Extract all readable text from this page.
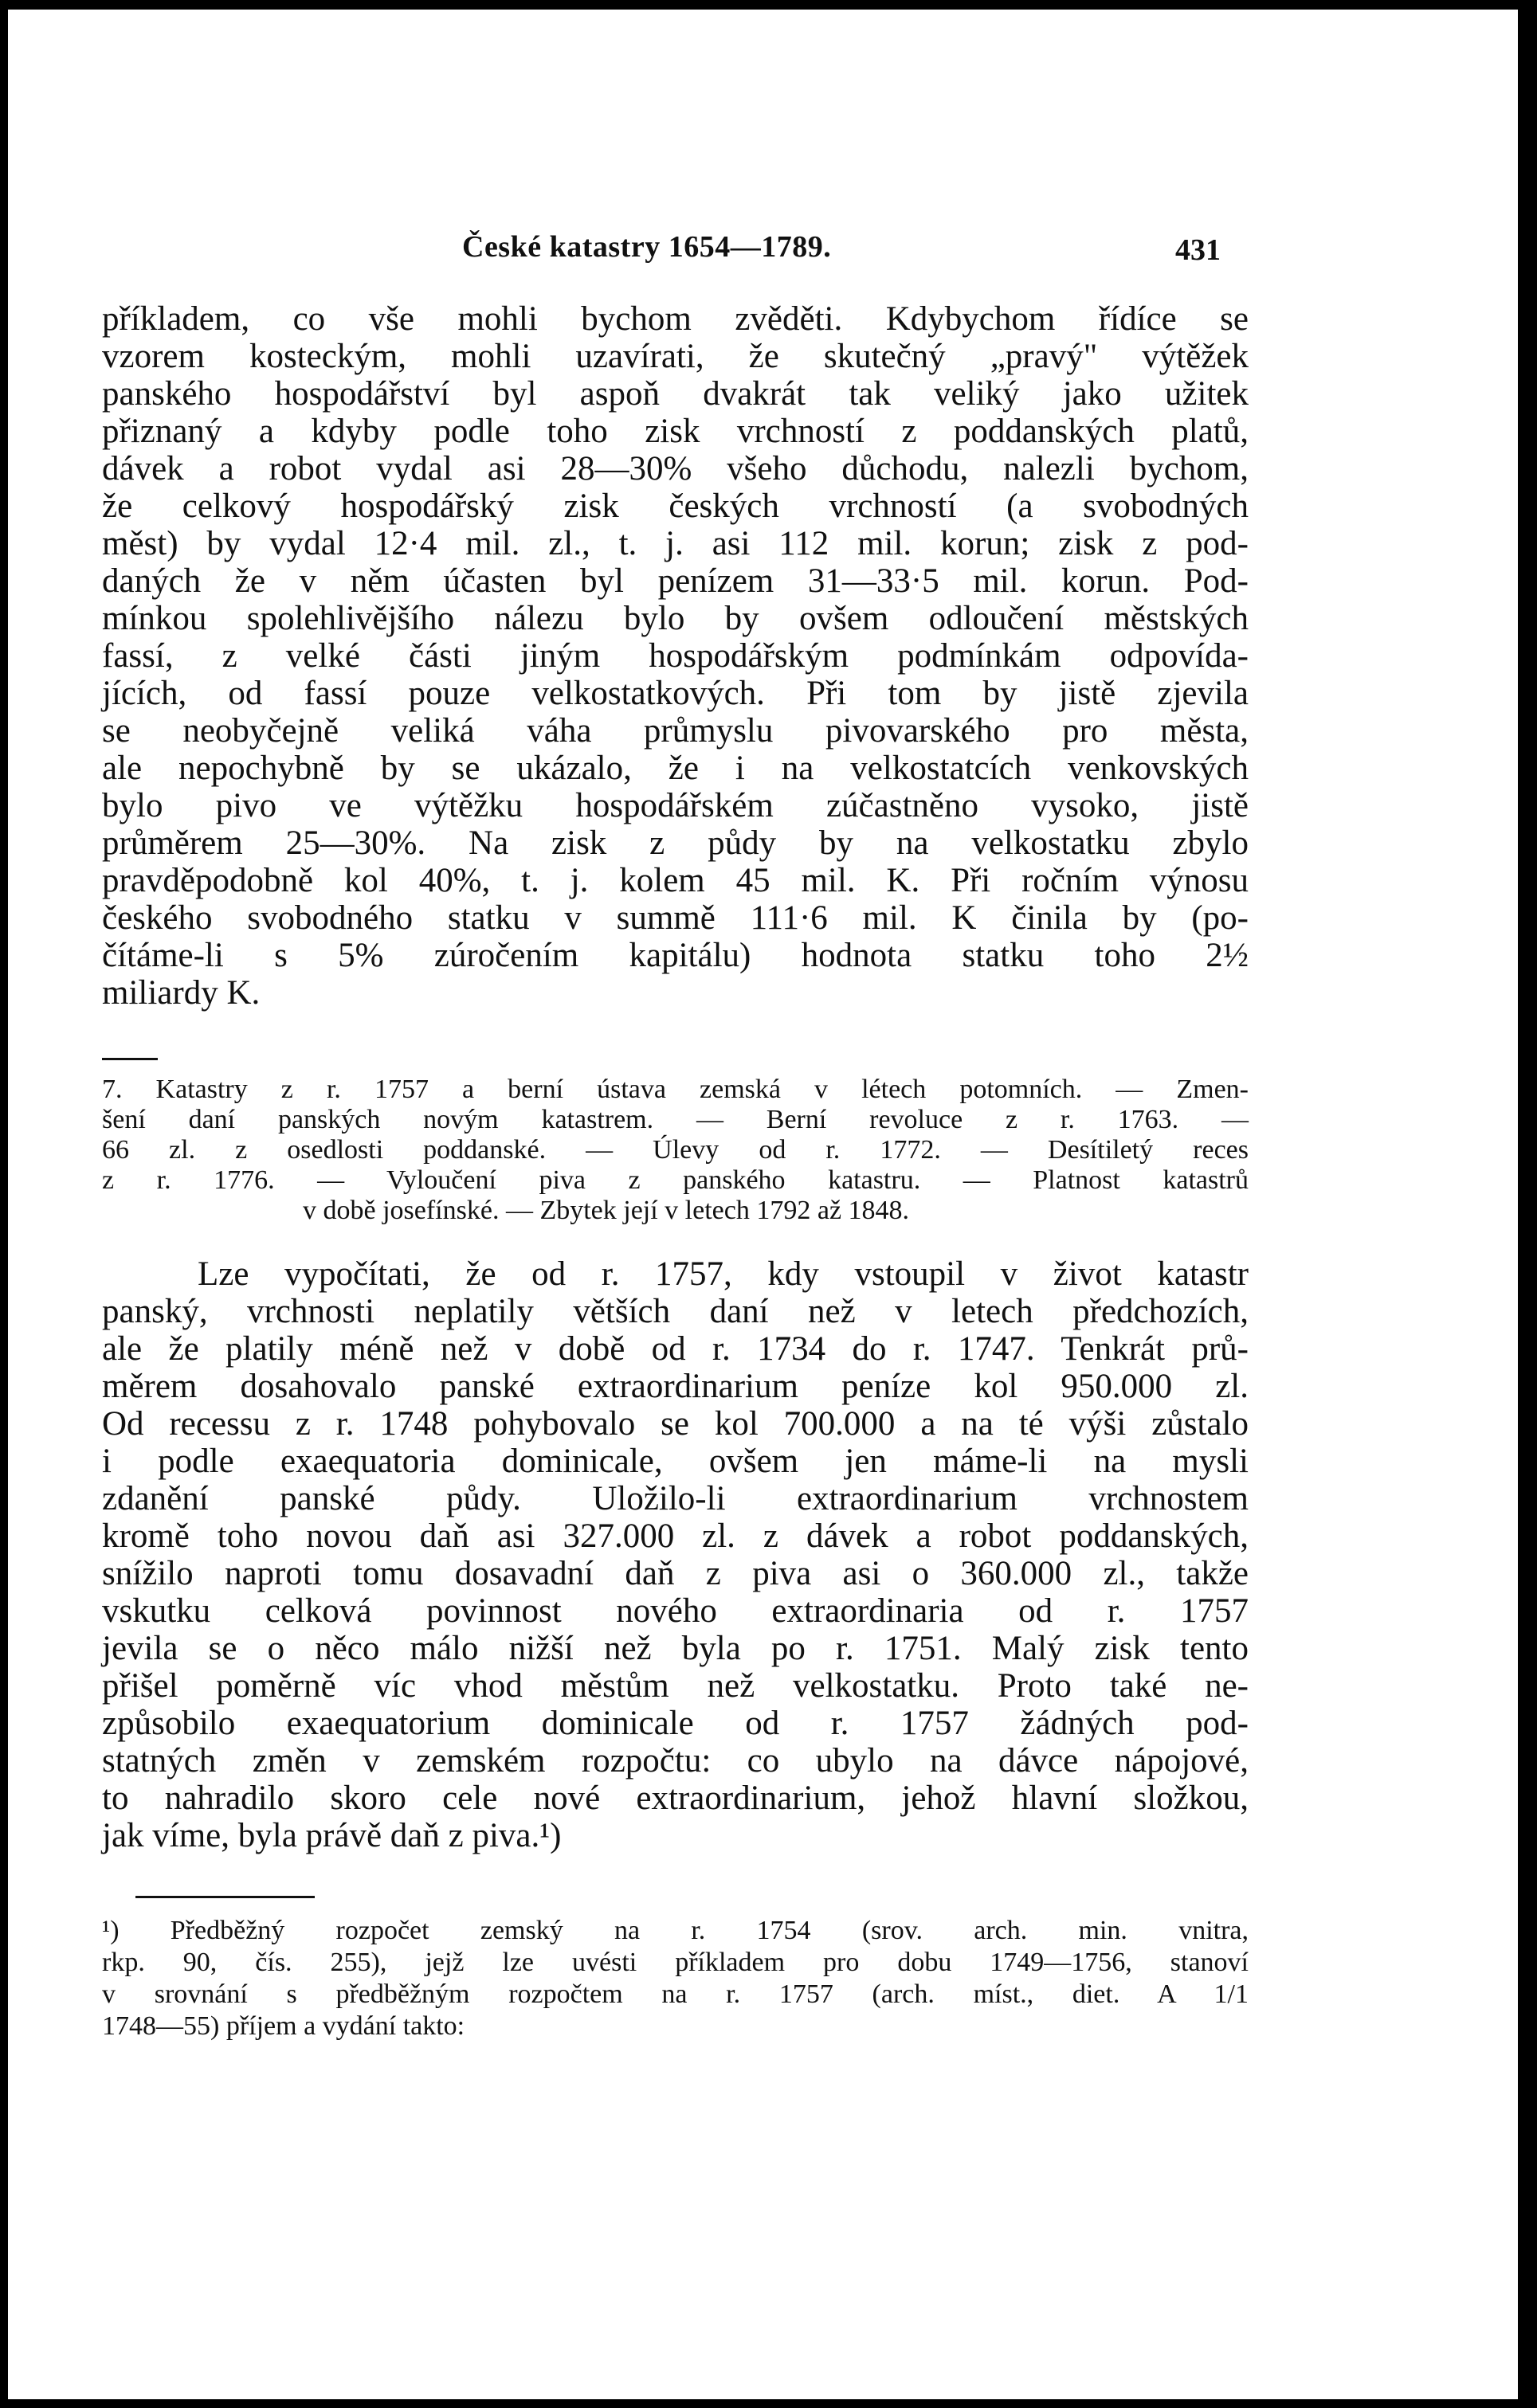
České katastry 1654—1789.	431
příkladem, co vše mohli bychom zvěděti. Kdybychom řídíce se
vzorem kosteckým, mohli uzavírati, že skutečný „pravý" výtěžek
panského hospodářství byl aspoň dvakrát tak veliký jako užitek
přiznaný a kdyby podle toho zisk vrchností z poddanských platů,
dávek a robot vydal asi 28—30% všeho důchodu, nalezli bychom,
že celkový hospodářský zisk českých vrchností (a svobodných
měst) by vydal 12·4 mil. zl., t. j. asi 112 mil. korun; zisk z pod-
daných že v něm účasten byl penízem 31—33·5 mil. korun. Pod-
mínkou spolehlivějšího nálezu bylo by ovšem odloučení městských
fassí, z velké části jiným hospodářským podmínkám odpovída-
jících, od fassí pouze velkostatkových. Při tom by jistě zjevila
se neobyčejně veliká váha průmyslu pivovarského pro města,
ale nepochybně by se ukázalo, že i na velkostatcích venkovských
bylo pivo ve výtěžku hospodářském zúčastněno vysoko, jistě
průměrem 25—30%. Na zisk z půdy by na velkostatku zbylo
pravděpodobně kol 40%, t. j. kolem 45 mil. K. Při ročním výnosu
českého svobodného statku v summě 111·6 mil. K činila by (po-
čítáme-li s 5% zúročením kapitálu) hodnota statku toho 2½
miliardy K.
7. Katastry z r. 1757 a berní ústava zemská v létech potomních. — Zmen-
šení daní panských novým katastrem. — Berní revoluce z r. 1763. —
66 zl. z osedlosti poddanské. — Úlevy od r. 1772. — Desítiletý reces
z r. 1776. — Vyloučení piva z panského katastru. — Platnost katastrů
v době josefínské. — Zbytek její v letech 1792 až 1848.
Lze vypočítati, že od r. 1757, kdy vstoupil v život katastr
panský, vrchnosti neplatily větších daní než v letech předchozích,
ale že platily méně než v době od r. 1734 do r. 1747. Tenkrát prů-
měrem dosahovalo panské extraordinarium peníze kol 950.000 zl.
Od recessu z r. 1748 pohybovalo se kol 700.000 a na té výši zůstalo
i podle exaequatoria dominicale, ovšem jen máme-li na mysli
zdanění panské půdy. Uložilo-li extraordinarium vrchnostem
kromě toho novou daň asi 327.000 zl. z dávek a robot poddanských,
snížilo naproti tomu dosavadní daň z piva asi o 360.000 zl., takže
vskutku celková povinnost nového extraordinaria od r. 1757
jevila se o něco málo nižší než byla po r. 1751. Malý zisk tento
přišel poměrně víc vhod městům než velkostatku. Proto také ne-
způsobilo exaequatorium dominicale od r. 1757 žádných pod-
statných změn v zemském rozpočtu: co ubylo na dávce nápojové,
to nahradilo skoro cele nové extraordinarium, jehož hlavní složkou,
jak víme, byla právě daň z piva.¹)
¹) Předběžný rozpočet zemský na r. 1754 (srov. arch. min. vnitra,
rkp. 90, čís. 255), jejž lze uvésti příkladem pro dobu 1749—1756, stanoví
v srovnání s předběžným rozpočtem na r. 1757 (arch. míst., diet. A 1/1
1748—55) příjem a vydání takto:
